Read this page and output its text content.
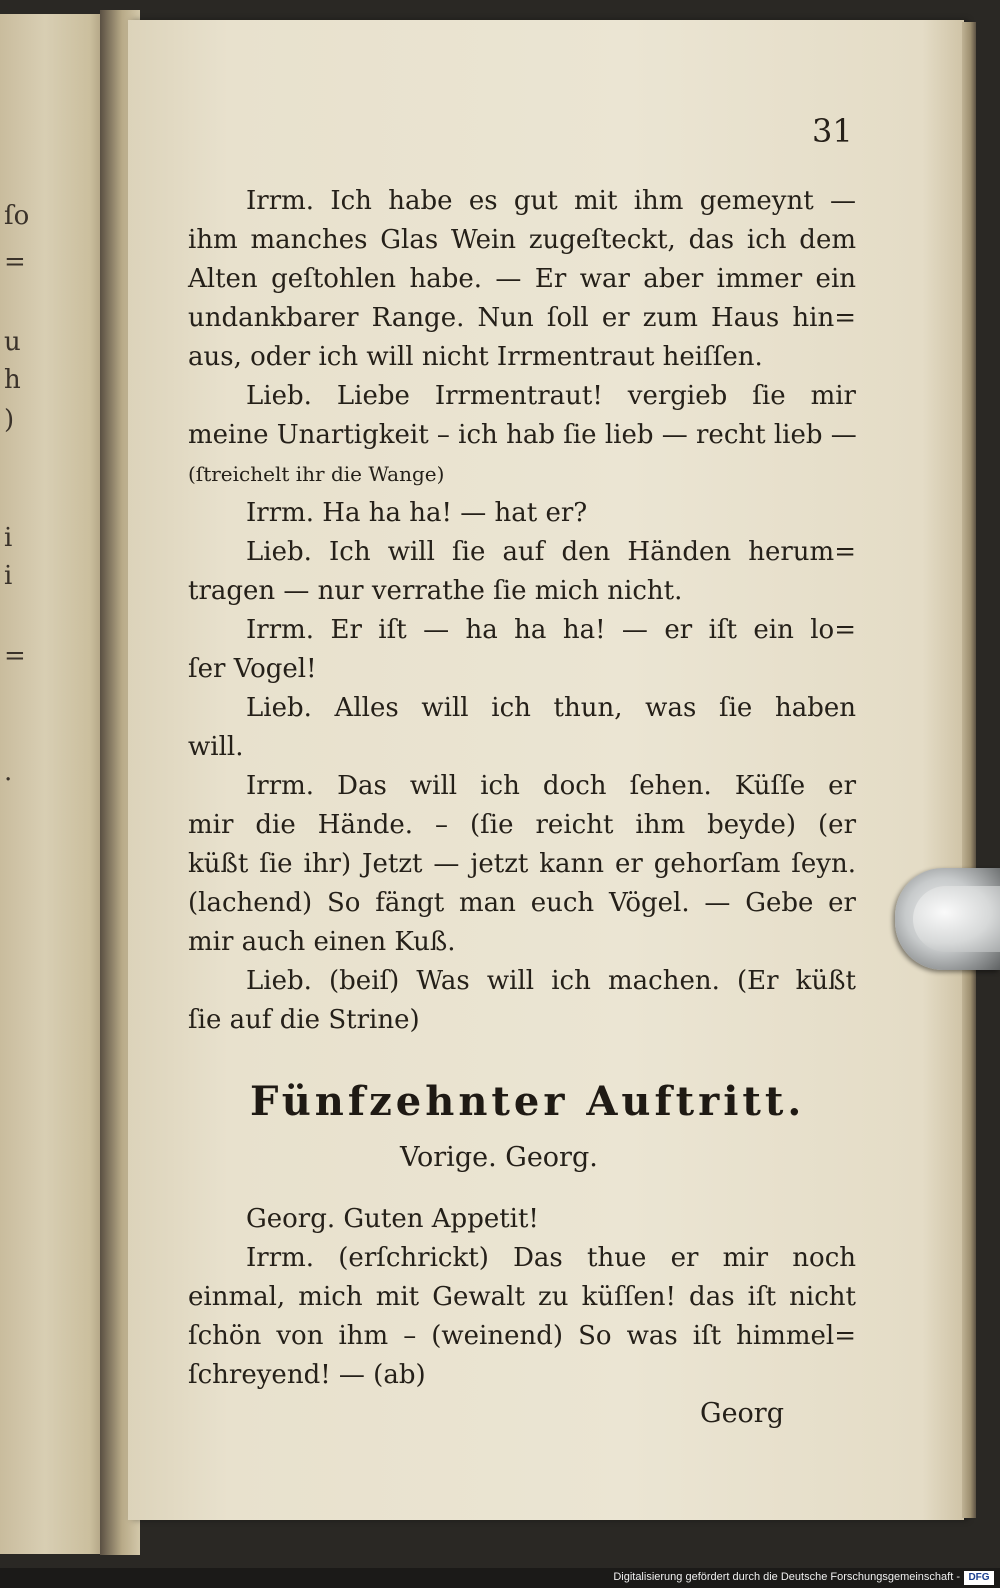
ſo
=
u
h
)
i
i
=
.
31
Irrm. Ich habe es gut mit ihm gemeynt —
ihm manches Glas Wein zugeſteckt, das ich dem
Alten geſtohlen habe. — Er war aber immer ein
undankbarer Range. Nun ſoll er zum Haus hin=
aus, oder ich will nicht Irrmentraut heiſſen.
Lieb. Liebe Irrmentraut! vergieb ſie mir
meine Unartigkeit – ich hab ſie lieb — recht lieb —
(ſtreichelt ihr die Wange)
Irrm. Ha ha ha! — hat er?
Lieb. Ich will ſie auf den Händen herum=
tragen — nur verrathe ſie mich nicht.
Irrm. Er iſt — ha ha ha! — er iſt ein lo=
ſer Vogel!
Lieb. Alles will ich thun, was ſie haben
will.
Irrm. Das will ich doch ſehen. Küſſe er
mir die Hände. – (ſie reicht ihm beyde) (er
küßt ſie ihr) Jetzt — jetzt kann er gehorſam ſeyn.
(lachend) So fängt man euch Vögel. — Gebe er
mir auch einen Kuß.
Lieb. (beiſ) Was will ich machen. (Er küßt
ſie auf die Strine)
Fünfzehnter Auftritt.
Vorige. Georg.
Georg. Guten Appetit!
Irrm. (erſchrickt) Das thue er mir noch
einmal, mich mit Gewalt zu küſſen! das iſt nicht
ſchön von ihm – (weinend) So was iſt himmel=
ſchreyend! — (ab)
Georg
Digitalisierung gefördert durch die Deutsche Forschungsgemeinschaft - DFG
